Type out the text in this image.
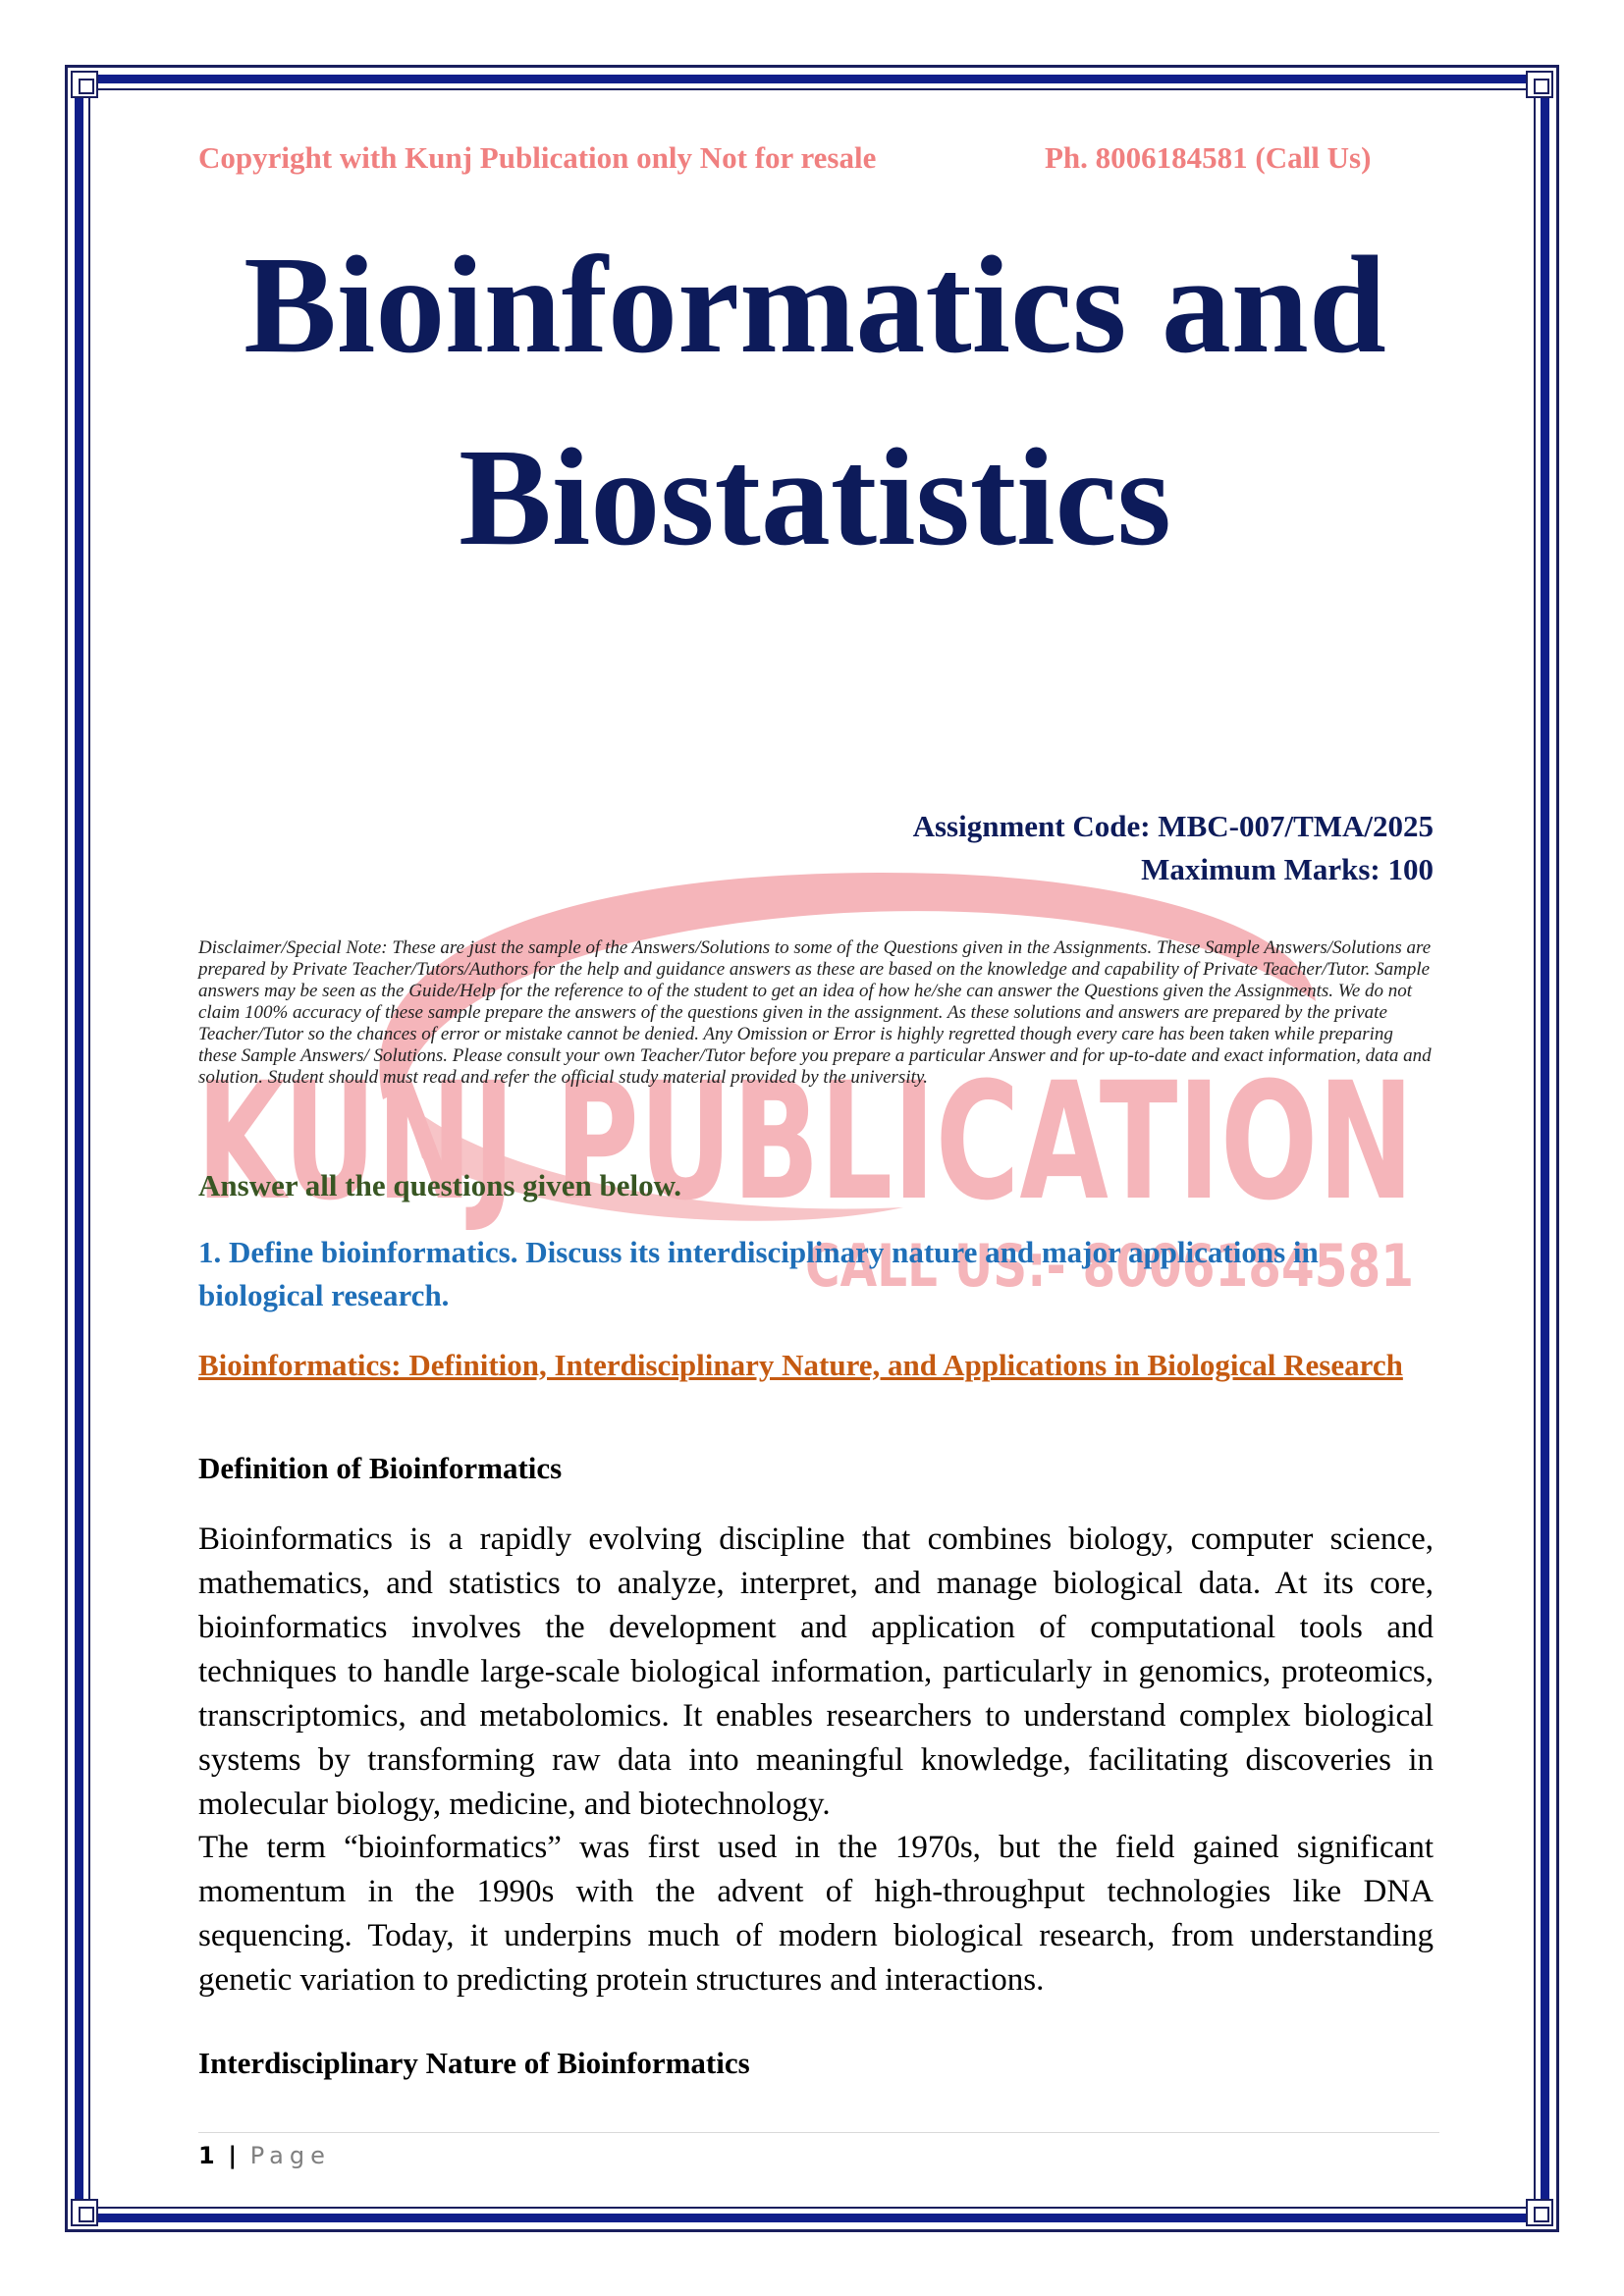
KUNJ PUBLICATION
CALL US:- 8006184581
Copyright with Kunj Publication only Not for resale	Ph. 8006184581 (Call Us)
Bioinformatics and
Biostatistics
Assignment Code: MBC-007/TMA/2025
Maximum Marks: 100
Disclaimer/Special Note: These are just the sample of the Answers/Solutions to some of the Questions given in the Assignments. These Sample Answers/Solutions are prepared by Private Teacher/Tutors/Authors for the help and guidance answers as these are based on the knowledge and capability of Private Teacher/Tutor. Sample answers may be seen as the Guide/Help for the reference to of the student to get an idea of how he/she can answer the Questions given the Assignments. We do not claim 100% accuracy of these sample prepare the answers of the questions given in the assignment. As these solutions and answers are prepared by the private Teacher/Tutor so the chances of error or mistake cannot be denied. Any Omission or Error is highly regretted though every care has been taken while preparing these Sample Answers/ Solutions. Please consult your own Teacher/Tutor before you prepare a particular Answer and for up-to-date and exact information, data and solution. Student should must read and refer the official study material provided by the university.
Answer all the questions given below.
1. Define bioinformatics. Discuss its interdisciplinary nature and major applications in biological research.
Bioinformatics: Definition, Interdisciplinary Nature, and Applications in Biological Research
Definition of Bioinformatics
Bioinformatics is a rapidly evolving discipline that combines biology, computer science, mathematics, and statistics to analyze, interpret, and manage biological data. At its core, bioinformatics involves the development and application of computational tools and techniques to handle large-scale biological information, particularly in genomics, proteomics, transcriptomics, and metabolomics. It enables researchers to understand complex biological systems by transforming raw data into meaningful knowledge, facilitating discoveries in molecular biology, medicine, and biotechnology.
The term “bioinformatics” was first used in the 1970s, but the field gained significant momentum in the 1990s with the advent of high-throughput technologies like DNA sequencing. Today, it underpins much of modern biological research, from understanding genetic variation to predicting protein structures and interactions.
Interdisciplinary Nature of Bioinformatics
1 | Page
